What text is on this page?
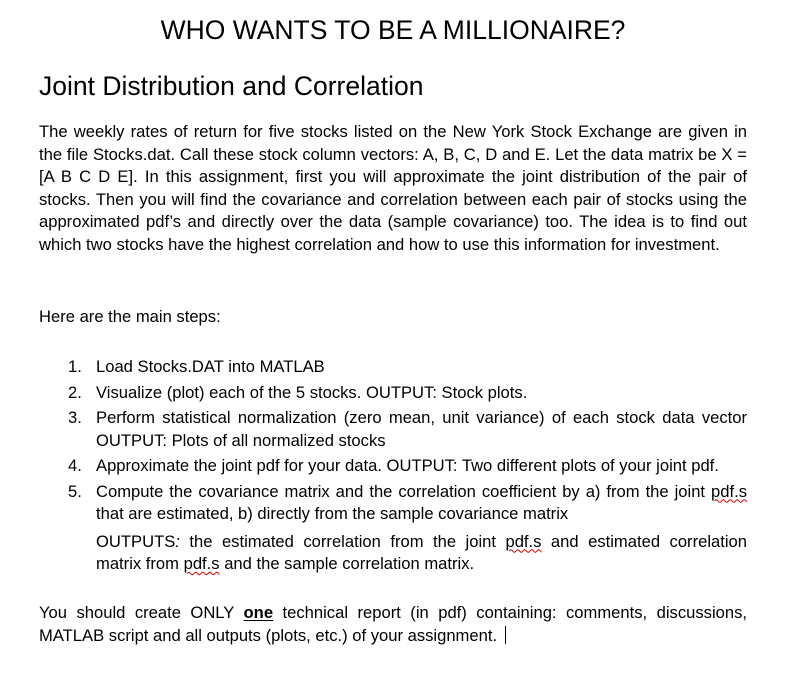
WHO WANTS TO BE A MILLIONAIRE?
Joint Distribution and Correlation

The weekly rates of return for five stocks listed on the New York Stock Exchange are given in the file Stocks.dat. Call these stock column vectors: A, B, C, D and E. Let the data matrix be X = [A B C D E]. In this assignment, first you will approximate the joint distribution of the pair of stocks. Then you will find the covariance and correlation between each pair of stocks using the approximated pdf’s and directly over the data (sample covariance) too. The idea is to find out which two stocks have the highest correlation and how to use this information for investment.

Here are the main steps:

1. Load Stocks.DAT into MATLAB
2. Visualize (plot) each of the 5 stocks. OUTPUT: Stock plots.
3. Perform statistical normalization (zero mean, unit variance) of each stock data vector OUTPUT: Plots of all normalized stocks
4. Approximate the joint pdf for your data. OUTPUT: Two different plots of your joint pdf.
5. Compute the covariance matrix and the correlation coefficient by a) from the joint pdf.s that are estimated, b) directly from the sample covariance matrix
OUTPUTS: the estimated correlation from the joint pdf.s and estimated correlation matrix from pdf.s and the sample correlation matrix.

You should create ONLY one technical report (in pdf) containing: comments, discussions, MATLAB script and all outputs (plots, etc.) of your assignment.
